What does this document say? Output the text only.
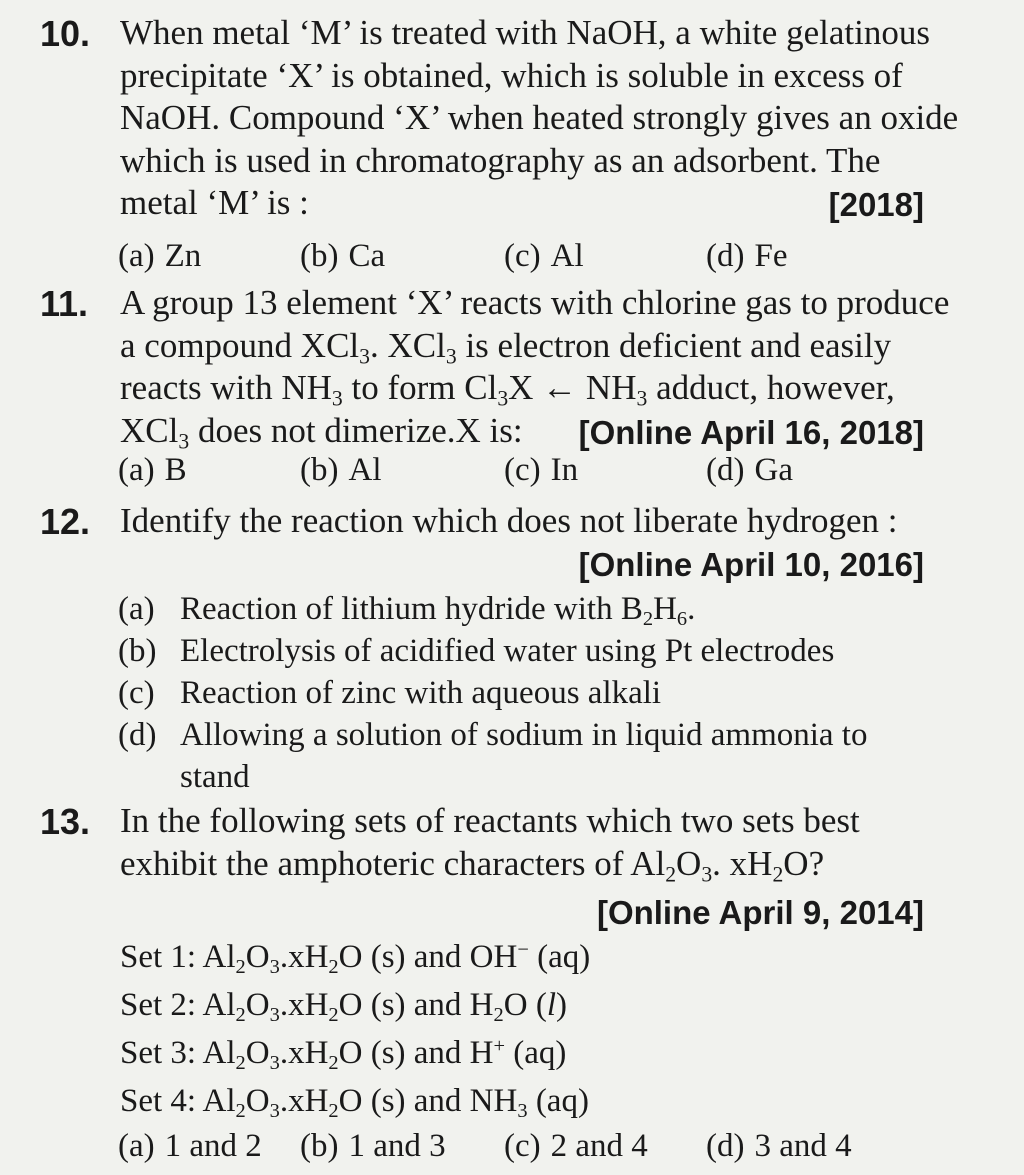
10. When metal ‘M’ is treated with NaOH, a white gelatinous
precipitate ‘X’ is obtained, which is soluble in excess of
NaOH. Compound ‘X’ when heated strongly gives an oxide
which is used in chromatography as an adsorbent. The
metal ‘M’ is :	[2018]
(a) Zn	(b) Ca	(c) Al	(d) Fe
11. A group 13 element ‘X’ reacts with chlorine gas to produce
a compound XCl$_3$. XCl$_3$ is electron deficient and easily
reacts with $NH_3$ to form $Cl_3X$ ← $NH_3$ adduct, however,
XCl$_3$ does not dimerize.X is:	[Online April 16, 2018]
(a) B	(b) Al	(c) In	(d) Ga
12. Identify the reaction which does not liberate hydrogen :
[Online April 10, 2016]
(a) Reaction of lithium hydride with $B_2H_6$.
(b) Electrolysis of acidified water using Pt electrodes
(c) Reaction of zinc with aqueous alkali
(d) Allowing a solution of sodium in liquid ammonia to
stand
13. In the following sets of reactants which two sets best
exhibit the amphoteric characters of $Al_2O_3$. $xH_2O$?
[Online April 9, 2014]
Set 1: $Al_2O_3.xH_2O$ (s) and OH− (aq)
Set 2: $Al_2O_3.xH_2O$ (s) and $H_2O$ (l)
Set 3: $Al_2O_3.xH_2O$ (s) and H+ (aq)
Set 4: $Al_2O_3.xH_2O$ (s) and $NH_3$ (aq)
(a) 1 and 2 (b) 1 and 3 (c) 2 and 4 (d) 3 and 4
